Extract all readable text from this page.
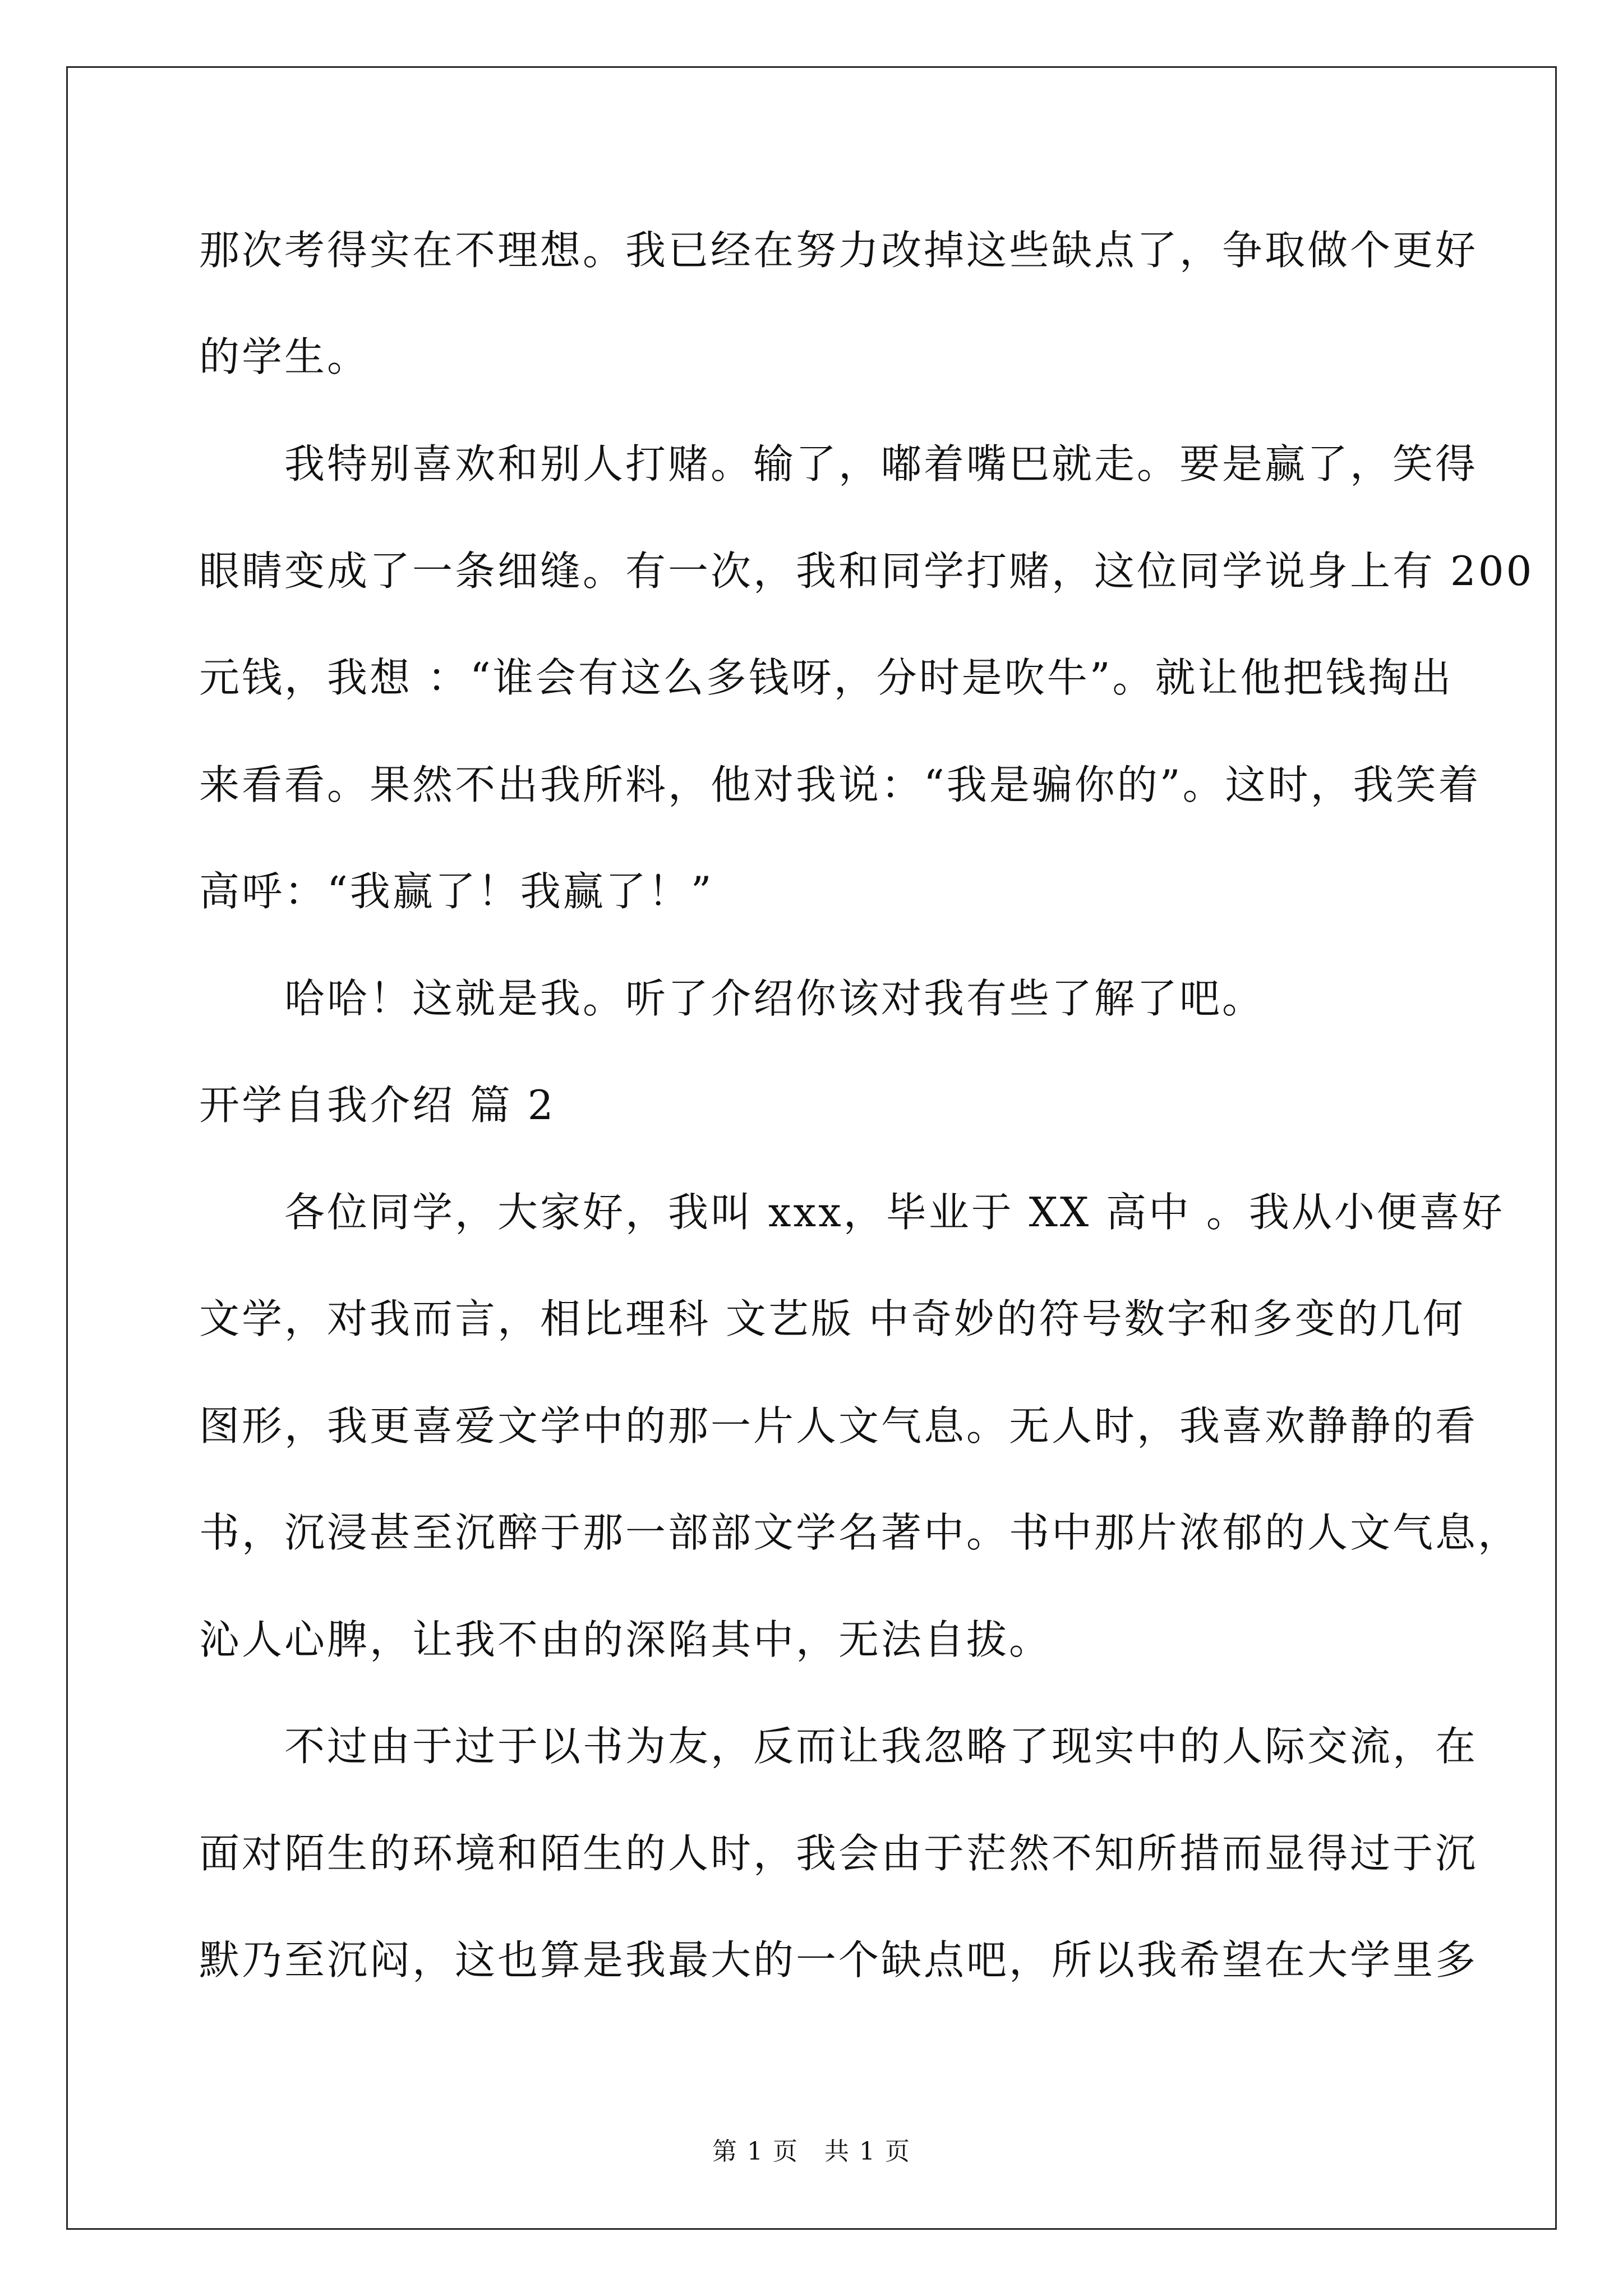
那次考得实在不理想。我已经在努力改掉这些缺点了，争取做个更好
的学生。
　　我特别喜欢和别人打赌。输了，嘟着嘴巴就走。要是赢了，笑得
眼睛变成了一条细缝。有一次，我和同学打赌，这位同学说身上有 200
元钱，我想 ：“谁会有这么多钱呀，分时是吹牛”。就让他把钱掏出
来看看。果然不出我所料，他对我说：“我是骗你的”。这时，我笑着
高呼：“我赢了！我赢了！”
　　哈哈！这就是我。听了介绍你该对我有些了解了吧。
开学自我介绍 篇 2
　　各位同学，大家好，我叫 xxx，毕业于 XX 高中 。我从小便喜好
文学，对我而言，相比理科 文艺版 中奇妙的符号数字和多变的几何
图形，我更喜爱文学中的那一片人文气息。无人时，我喜欢静静的看
书，沉浸甚至沉醉于那一部部文学名著中。书中那片浓郁的人文气息，
沁人心脾，让我不由的深陷其中，无法自拔。
　　不过由于过于以书为友，反而让我忽略了现实中的人际交流，在
面对陌生的环境和陌生的人时，我会由于茫然不知所措而显得过于沉
默乃至沉闷，这也算是我最大的一个缺点吧，所以我希望在大学里多
第 1 页　共 1 页
